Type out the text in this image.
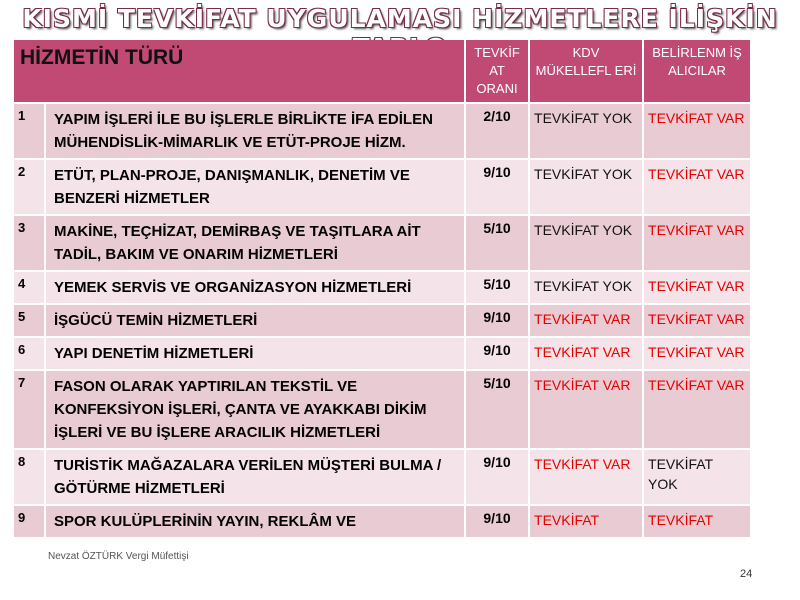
KISMİ TEVKİFAT UYGULAMASI HİZMETLERE İLİŞKİN
HİZMETİN TÜRÜ		TEVKİF AT ORANI	KDV MÜKELLEFL ERİ	BELİRLENM İŞ ALICILAR
1	YAPIM İŞLERİ İLE BU İŞLERLE BİRLİKTE İFA EDİLEN MÜHENDİSLİK-MİMARLIK VE ETÜT-PROJE HİZM.	2/10	TEVKİFAT YOK	TEVKİFAT VAR
2	ETÜT, PLAN-PROJE, DANIŞMANLIK, DENETİM VE BENZERİ HİZMETLER	9/10	TEVKİFAT YOK	TEVKİFAT VAR
3	MAKİNE, TEÇHİZAT, DEMİRBAŞ VE TAŞITLARA AİT TADİL, BAKIM VE ONARIM HİZMETLERİ	5/10	TEVKİFAT YOK	TEVKİFAT VAR
4	YEMEK SERVİS VE ORGANİZASYON HİZMETLERİ	5/10	TEVKİFAT YOK	TEVKİFAT VAR
5	İŞGÜCÜ TEMİN HİZMETLERİ	9/10	TEVKİFAT VAR	TEVKİFAT VAR
6	YAPI DENETİM HİZMETLERİ	9/10	TEVKİFAT VAR	TEVKİFAT VAR
7	FASON OLARAK YAPTIRILAN TEKSTİL VE KONFEKSİYON İŞLERİ, ÇANTA VE AYAKKABI DİKİM İŞLERİ VE BU İŞLERE ARACILIK HİZMETLERİ	5/10	TEVKİFAT VAR	TEVKİFAT VAR
8	TURİSTİK MAĞAZALARA VERİLEN MÜŞTERİ BULMA / GÖTÜRME HİZMETLERİ	9/10	TEVKİFAT VAR	TEVKİFAT YOK
9	SPOR KULÜPLERİNİN YAYIN, REKLÂM VE	9/10	TEVKİFAT	TEVKİFAT
Nevzat ÖZTÜRK Vergi Müfettişi
24
